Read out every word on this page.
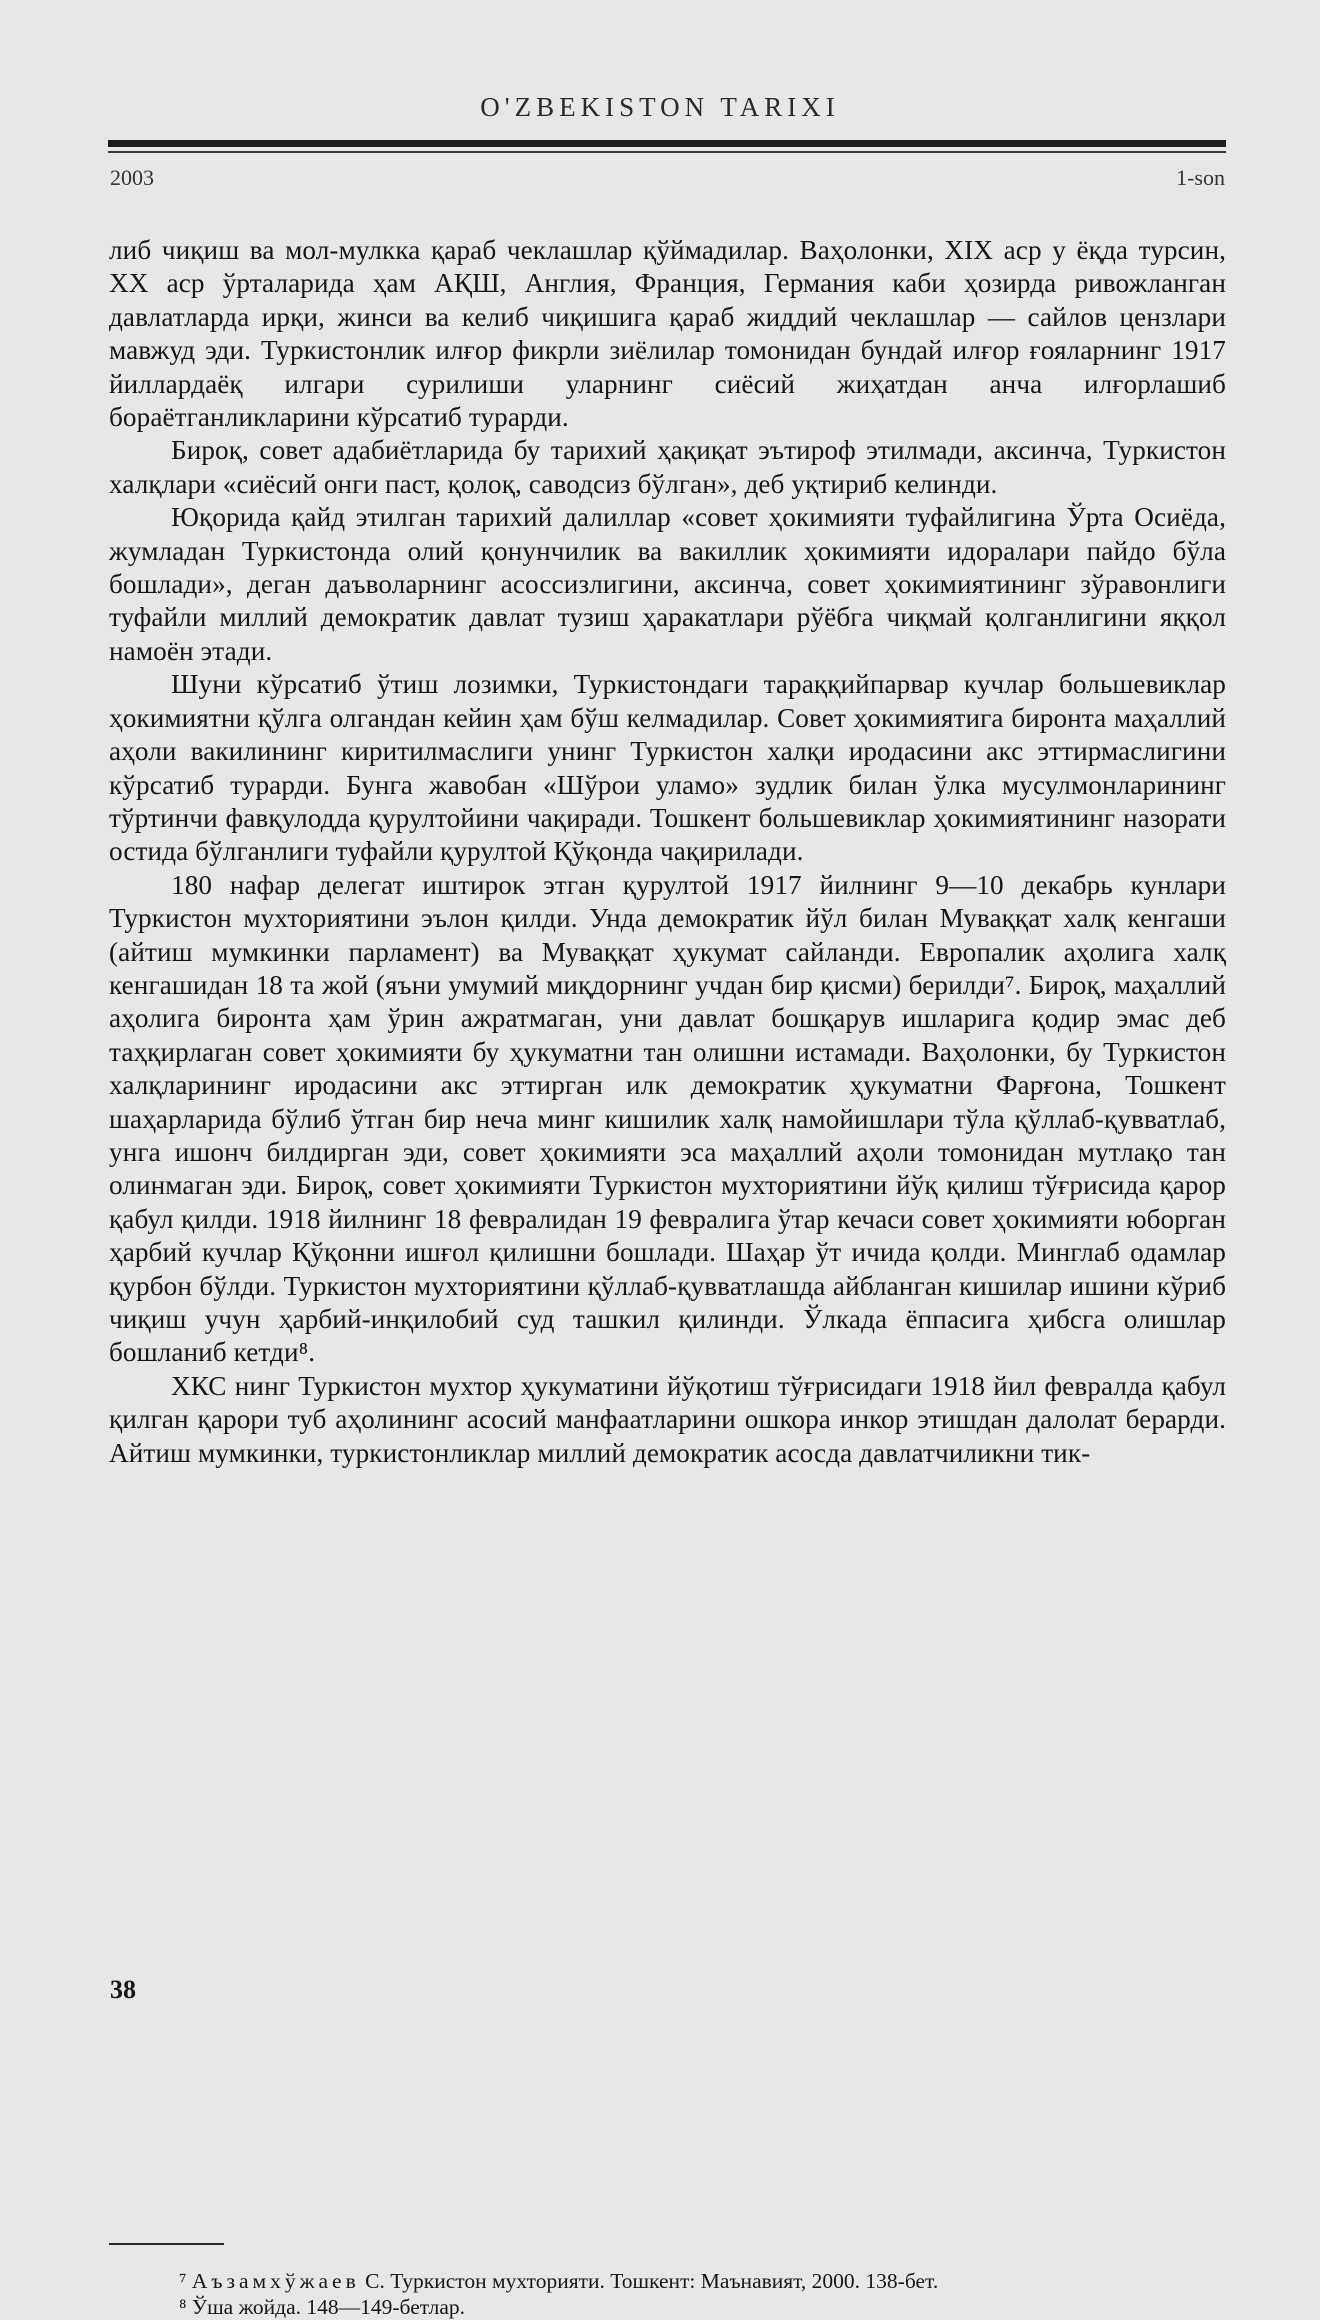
O'ZBEKISTON TARIXI
2003	1-son

либ чиқиш ва мол-мулкка қараб чеклашлар қўймадилар. Ваҳолонки, XIX аср у ёқда турсин, XX аср ўрталарида ҳам АҚШ, Англия, Франция, Германия каби ҳозирда ривожланган давлатларда ирқи, жинси ва келиб чиқишига қараб жиддий чеклашлар — сайлов цензлари мавжуд эди. Туркистонлик илғор фикрли зиёлилар томонидан бундай илғор ғояларнинг 1917 йиллардаёқ илгари сурилиши уларнинг сиёсий жиҳатдан анча илғорлашиб бораётганликларини кўрсатиб турарди.

Бироқ, совет адабиётларида бу тарихий ҳақиқат эътироф этилмади, аксинча, Туркистон халқлари «сиёсий онги паст, қолоқ, саводсиз бўлган», деб уқтириб келинди.

Юқорида қайд этилган тарихий далиллар «совет ҳокимияти туфайлигина Ўрта Осиёда, жумладан Туркистонда олий қонунчилик ва вакиллик ҳокимияти идоралари пайдо бўла бошлади», деган даъволарнинг асоссизлигини, аксинча, совет ҳокимиятининг зўравонлиги туфайли миллий демократик давлат тузиш ҳаракатлари рўёбга чиқмай қолганлигини яққол намоён этади.

Шуни кўрсатиб ўтиш лозимки, Туркистондаги тараққийпарвар кучлар большевиклар ҳокимиятни қўлга олгандан кейин ҳам бўш келмадилар. Совет ҳокимиятига биронта маҳаллий аҳоли вакилининг киритилмаслиги унинг Туркистон халқи иродасини акс эттирмаслигини кўрсатиб турарди. Бунга жавобан «Шўрои уламо» зудлик билан ўлка мусулмонларининг тўртинчи фавқулодда қурултойини чақиради. Тошкент большевиклар ҳокимиятининг назорати остида бўлганлиги туфайли қурултой Қўқонда чақирилади.

180 нафар делегат иштирок этган қурултой 1917 йилнинг 9—10 декабрь кунлари Туркистон мухториятини эълон қилди. Унда демократик йўл билан Муваққат халқ кенгаши (айтиш мумкинки парламент) ва Муваққат ҳукумат сайланди. Европалик аҳолига халқ кенгашидан 18 та жой (яъни умумий миқдорнинг учдан бир қисми) берилди⁷. Бироқ, маҳаллий аҳолига биронта ҳам ўрин ажратмаган, уни давлат бошқарув ишларига қодир эмас деб таҳқирлаган совет ҳокимияти бу ҳукуматни тан олишни истамади. Ваҳолонки, бу Туркистон халқларининг иродасини акс эттирган илк демократик ҳукуматни Фарғона, Тошкент шаҳарларида бўлиб ўтган бир неча минг кишилик халқ намойишлари тўла қўллаб-қувватлаб, унга ишонч билдирган эди, совет ҳокимияти эса маҳаллий аҳоли томонидан мутлақо тан олинмаган эди. Бироқ, совет ҳокимияти Туркистон мухториятини йўқ қилиш тўғрисида қарор қабул қилди. 1918 йилнинг 18 февралидан 19 февралига ўтар кечаси совет ҳокимияти юборган ҳарбий кучлар Қўқонни ишғол қилишни бошлади. Шаҳар ўт ичида қолди. Минглаб одамлар қурбон бўлди. Туркистон мухториятини қўллаб-қувватлашда айбланган кишилар ишини кўриб чиқиш учун ҳарбий-инқилобий суд ташкил қилинди. Ўлкада ёппасига ҳибсга олишлар бошланиб кетди⁸.

ХКС нинг Туркистон мухтор ҳукуматини йўқотиш тўғрисидаги 1918 йил февралда қабул қилган қарори туб аҳолининг асосий манфаатларини ошкора инкор этишдан далолат берарди. Айтиш мумкинки, туркистонликлар миллий демократик асосда давлатчиликни тик-

⁷ Аъзамхўжаев С. Туркистон мухторияти. Тошкент: Маънавият, 2000. 138-бет.

⁸ Ўша жойда. 148—149-бетлар.

38
